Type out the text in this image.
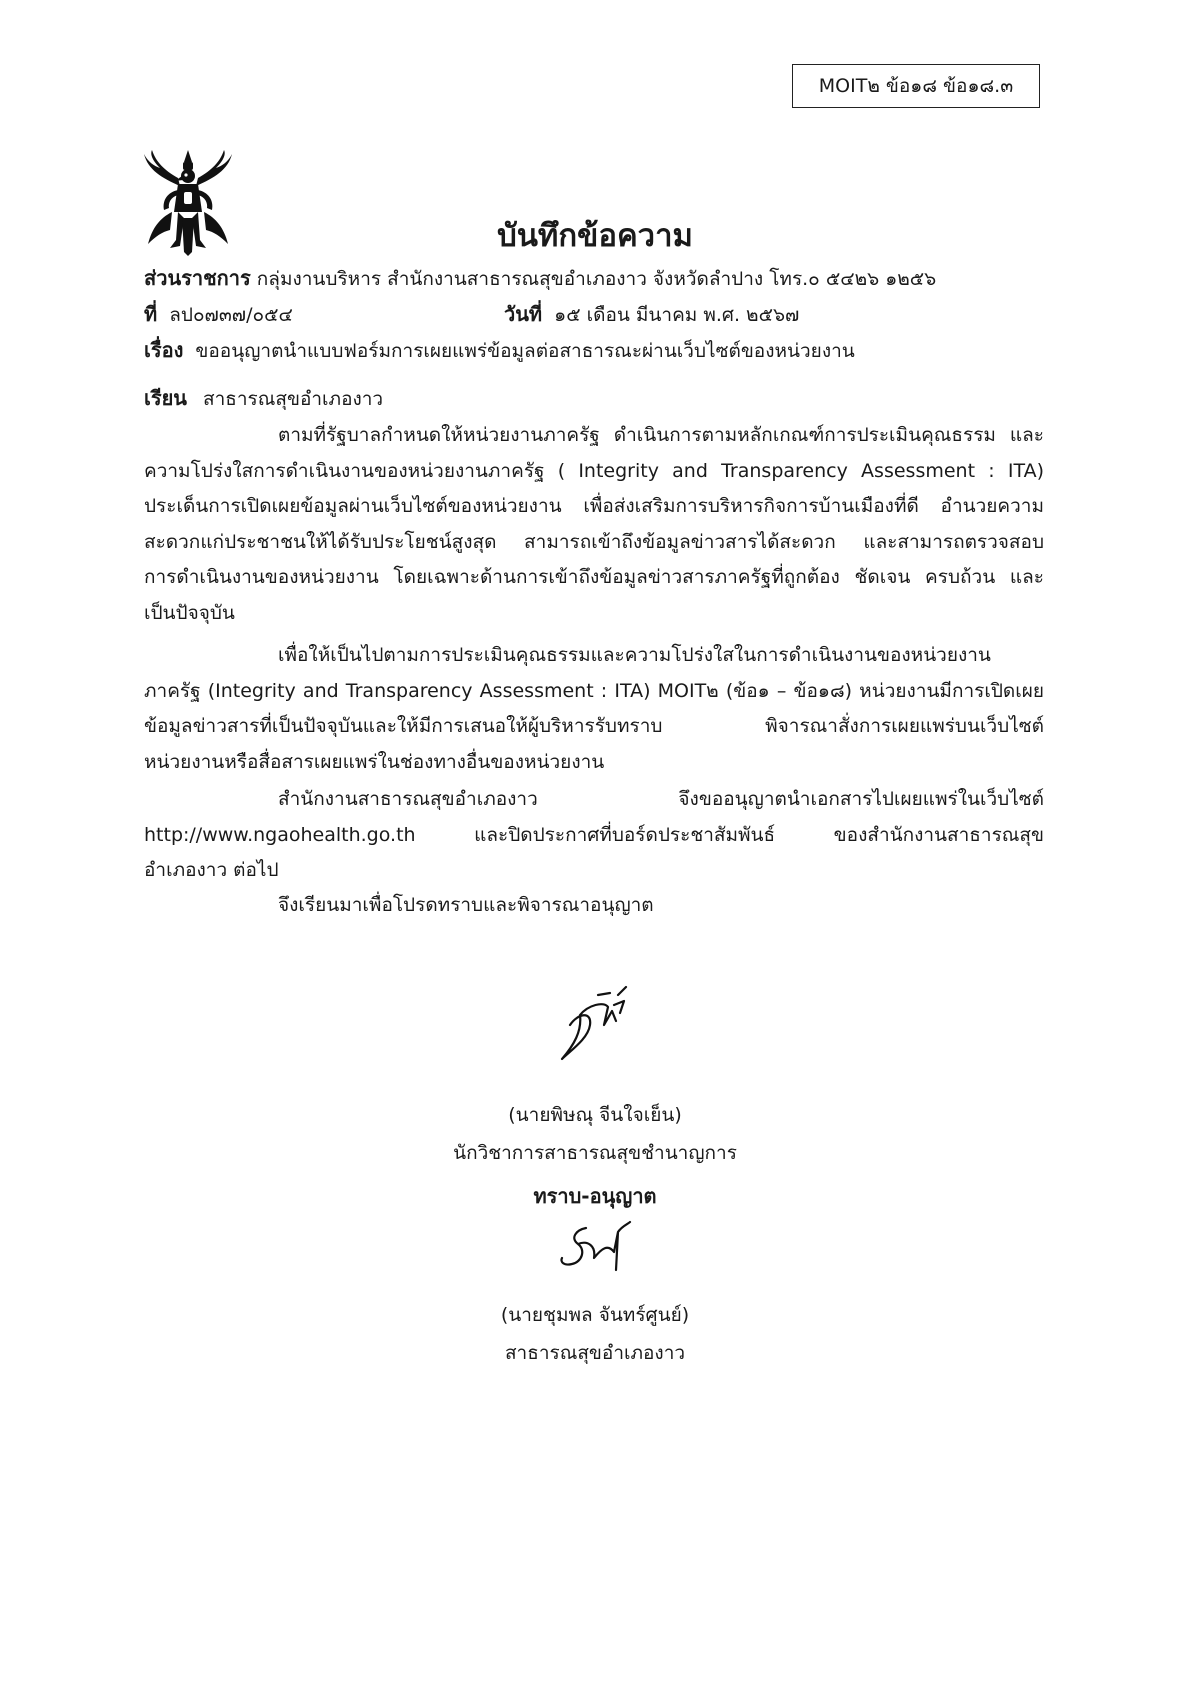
MOIT๒ ข้อ๑๘ ข้อ๑๘.๓
บันทึกข้อความ
ส่วนราชการ กลุ่มงานบริหาร สำนักงานสาธารณสุขอำเภองาว จังหวัดลำปาง โทร.๐ ๕๔๒๖ ๑๒๕๖
ที่ ลป๐๗๓๗/๐๕๔	วันที่ ๑๕ เดือน มีนาคม พ.ศ. ๒๕๖๗
เรื่อง ขออนุญาตนำแบบฟอร์มการเผยแพร่ข้อมูลต่อสาธารณะผ่านเว็บไซต์ของหน่วยงาน
เรียน สาธารณสุขอำเภองาว
ตามที่รัฐบาลกำหนดให้หน่วยงานภาครัฐ ดำเนินการตามหลักเกณฑ์การประเมินคุณธรรม และ
ความโปร่งใสการดำเนินงานของหน่วยงานภาครัฐ ( Integrity and Transparency Assessment : ITA)
ประเด็นการเปิดเผยข้อมูลผ่านเว็บไซต์ของหน่วยงาน เพื่อส่งเสริมการบริหารกิจการบ้านเมืองที่ดี อำนวยความ
สะดวกแก่ประชาชนให้ได้รับประโยชน์สูงสุด สามารถเข้าถึงข้อมูลข่าวสารได้สะดวก และสามารถตรวจสอบ
การดำเนินงานของหน่วยงาน โดยเฉพาะด้านการเข้าถึงข้อมูลข่าวสารภาครัฐที่ถูกต้อง ชัดเจน ครบถ้วน และ
เป็นปัจจุบัน
เพื่อให้เป็นไปตามการประเมินคุณธรรมและความโปร่งใสในการดำเนินงานของหน่วยงาน
ภาครัฐ (Integrity and Transparency Assessment : ITA) MOIT๒ (ข้อ๑ – ข้อ๑๘) หน่วยงานมีการเปิดเผย
ข้อมูลข่าวสารที่เป็นปัจจุบันและให้มีการเสนอให้ผู้บริหารรับทราบ พิจารณาสั่งการเผยแพร่บนเว็บไซต์
หน่วยงานหรือสื่อสารเผยแพร่ในช่องทางอื่นของหน่วยงาน
สำนักงานสาธารณสุขอำเภองาว จึงขออนุญาตนำเอกสารไปเผยแพร่ในเว็บไซต์
http://www.ngaohealth.go.th และปิดประกาศที่บอร์ดประชาสัมพันธ์ ของสำนักงานสาธารณสุข
อำเภองาว ต่อไป
จึงเรียนมาเพื่อโปรดทราบและพิจารณาอนุญาต
(นายพิษณุ จีนใจเย็น)
นักวิชาการสาธารณสุขชำนาญการ
ทราบ-อนุญาต
(นายชุมพล จันทร์ศูนย์)
สาธารณสุขอำเภองาว
